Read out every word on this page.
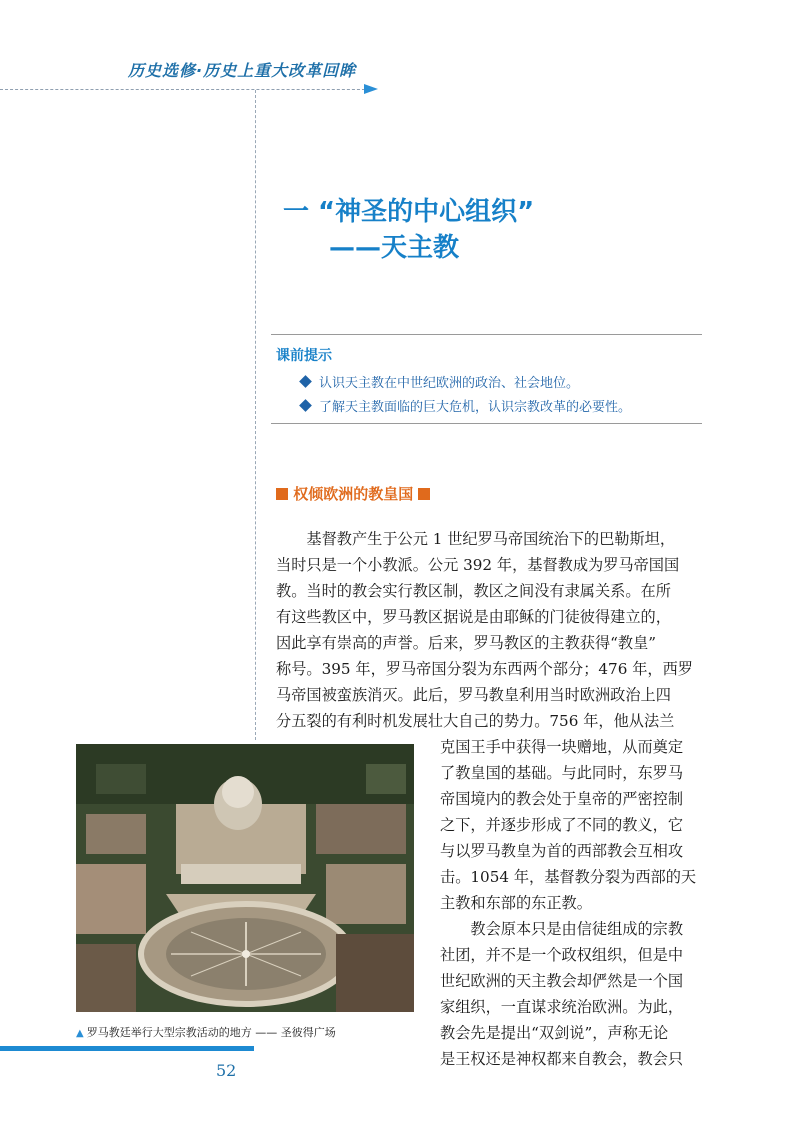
历史选修·历史上重大改革回眸
一 “神圣的中心组织”
——天主教
课前提示
认识天主教在中世纪欧洲的政治、社会地位。
了解天主教面临的巨大危机，认识宗教改革的必要性。
权倾欧洲的教皇国
基督教产生于公元 1 世纪罗马帝国统治下的巴勒斯坦，
当时只是一个小教派。公元 392 年，基督教成为罗马帝国国
教。当时的教会实行教区制，教区之间没有隶属关系。在所
有这些教区中，罗马教区据说是由耶稣的门徒彼得建立的，
因此享有崇高的声誉。后来，罗马教区的主教获得“教皇”
称号。395 年，罗马帝国分裂为东西两个部分；476 年，西罗
马帝国被蛮族消灭。此后，罗马教皇利用当时欧洲政治上四
分五裂的有利时机发展壮大自己的势力。756 年，他从法兰
克国王手中获得一块赠地，从而奠定
了教皇国的基础。与此同时，东罗马
帝国境内的教会处于皇帝的严密控制
之下，并逐步形成了不同的教义，它
与以罗马教皇为首的西部教会互相攻
击。1054 年，基督教分裂为西部的天
主教和东部的东正教。
　　教会原本只是由信徒组成的宗教
社团，并不是一个政权组织，但是中
世纪欧洲的天主教会却俨然是一个国
家组织，一直谋求统治欧洲。为此，
教会先是提出“双剑说”，声称无论
是王权还是神权都来自教会，教会只
▲ 罗马教廷举行大型宗教活动的地方 —— 圣彼得广场
52
